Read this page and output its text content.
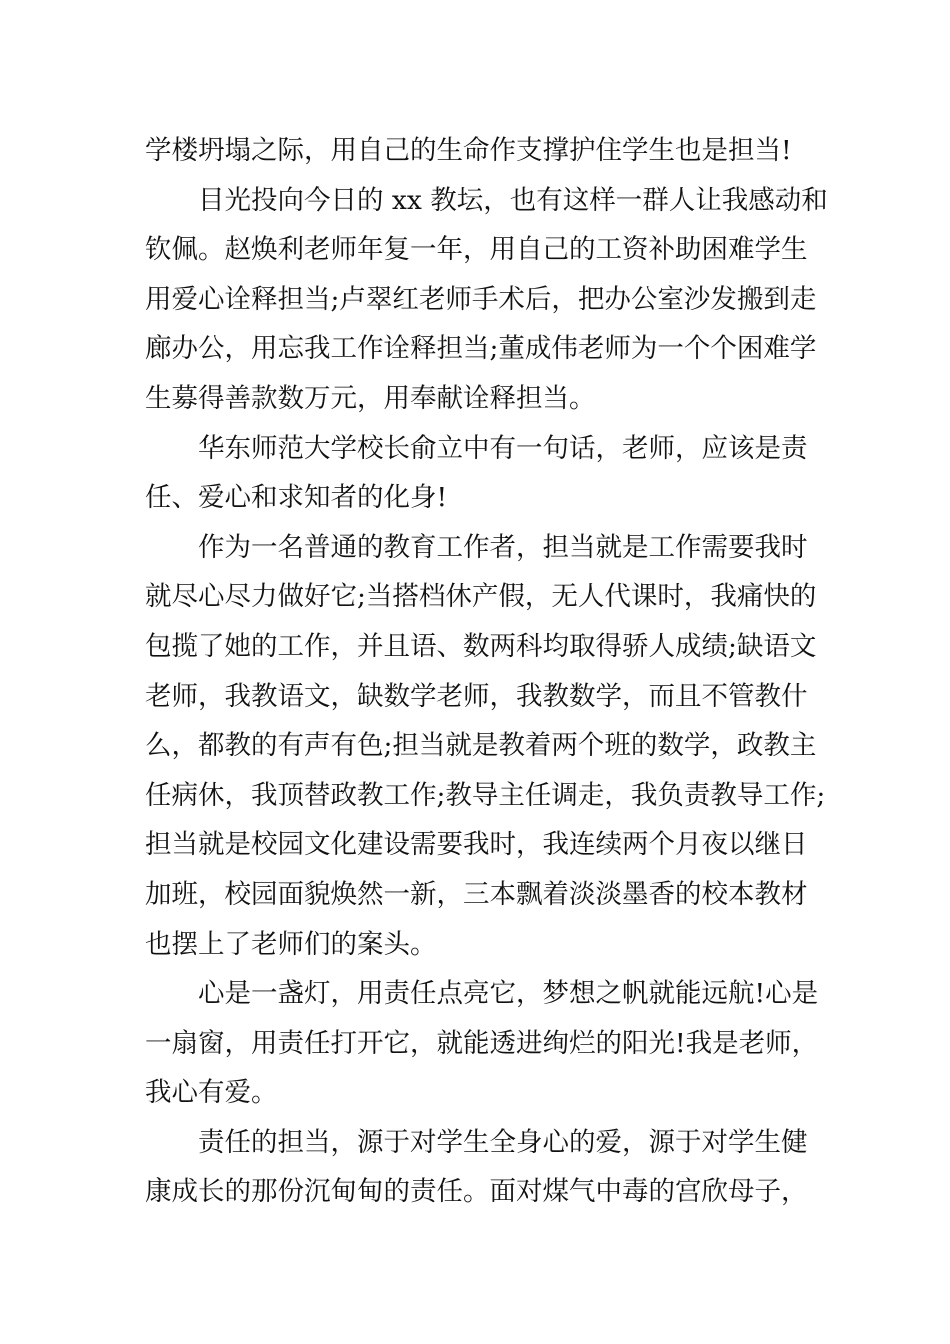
学楼坍塌之际，用自己的生命作支撑护住学生也是担当!
目光投向今日的 xx 教坛，也有这样一群人让我感动和
钦佩。赵焕利老师年复一年，用自己的工资补助困难学生
用爱心诠释担当;卢翠红老师手术后，把办公室沙发搬到走
廊办公，用忘我工作诠释担当;董成伟老师为一个个困难学
生募得善款数万元，用奉献诠释担当。
华东师范大学校长俞立中有一句话，老师，应该是责
任、爱心和求知者的化身!
作为一名普通的教育工作者，担当就是工作需要我时
就尽心尽力做好它;当搭档休产假，无人代课时，我痛快的
包揽了她的工作，并且语、数两科均取得骄人成绩;缺语文
老师，我教语文，缺数学老师，我教数学，而且不管教什
么，都教的有声有色;担当就是教着两个班的数学，政教主
任病休，我顶替政教工作;教导主任调走，我负责教导工作;
担当就是校园文化建设需要我时，我连续两个月夜以继日
加班，校园面貌焕然一新，三本飘着淡淡墨香的校本教材
也摆上了老师们的案头。
心是一盏灯，用责任点亮它，梦想之帆就能远航!心是
一扇窗，用责任打开它，就能透进绚烂的阳光!我是老师，
我心有爱。
责任的担当，源于对学生全身心的爱，源于对学生健
康成长的那份沉甸甸的责任。面对煤气中毒的宫欣母子，
